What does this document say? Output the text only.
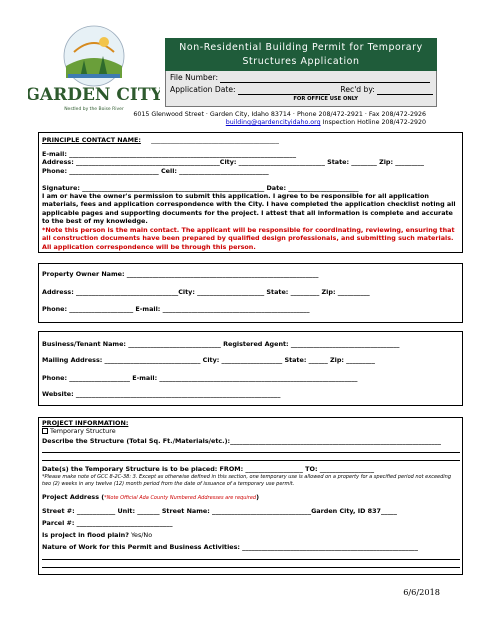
GARDEN CITY
Nestled by the Boise River
Non-Residential Building Permit for Temporary
Structures Application
File Number:
Application Date:	Rec'd by:
FOR OFFICE USE ONLY
6015 Glenwood Street · Garden City, Idaho 83714 · Phone 208/472-2921 · Fax 208/472-2926
building@gardencityidaho.org Inspection Hotline 208/472-2920
PRINCIPLE CONTACT NAME: ________________________________________
E-mail: _______________________________________________________________________
Address: _____________________________________________City: ___________________________ State: ________ Zip: _________
Phone: ____________________________ Cell: ____________________________
Signature: _________________________________________________________ Date: ______________________
I am or have the owner's permission to submit this application. I agree to be responsible for all application materials, fees and application correspondence with the City. I have completed the application checklist noting all applicable pages and supporting documents for the project. I attest that all information is complete and accurate to the best of my knowledge.
*Note this person is the main contact. The applicant will be responsible for coordinating, reviewing, ensuring that all construction documents have been prepared by qualified design professionals, and submitting such materials. All application correspondence will be through this person.
Property Owner Name: ____________________________________________________________
Address: ________________________________City: _____________________ State: _________ Zip: __________
Phone: ____________________ E-mail: ______________________________________________
Business/Tenant Name: _____________________________ Registered Agent: __________________________________
Mailing Address: ______________________________ City: ___________________ State: ______ Zip: _________
Phone: ___________________ E-mail: ______________________________________________________________
Website: ________________________________________________________________
PROJECT INFORMATION:
Temporary Structure
Describe the Structure (Total Sq. Ft./Materials/etc.):__________________________________________________________________
Date(s) the Temporary Structure is to be placed: FROM: __________________ TO: _________________
*Please make note of GCC 8-2C-38: 3. Except as otherwise defined in this section, one temporary use is allowed on a property for a specified period not exceeding two (2) weeks in any twelve (12) month period from the date of issuance of a temporary use permit.
Project Address (*Note Official Ada County Numbered Addresses are required)
Street #: ____________ Unit: _______ Street Name: _______________________________Garden City, ID 837_____
Parcel #: ______________________________
Is project in flood plain? Yes/No
Nature of Work for this Permit and Business Activities: _______________________________________________________
6/6/2018
